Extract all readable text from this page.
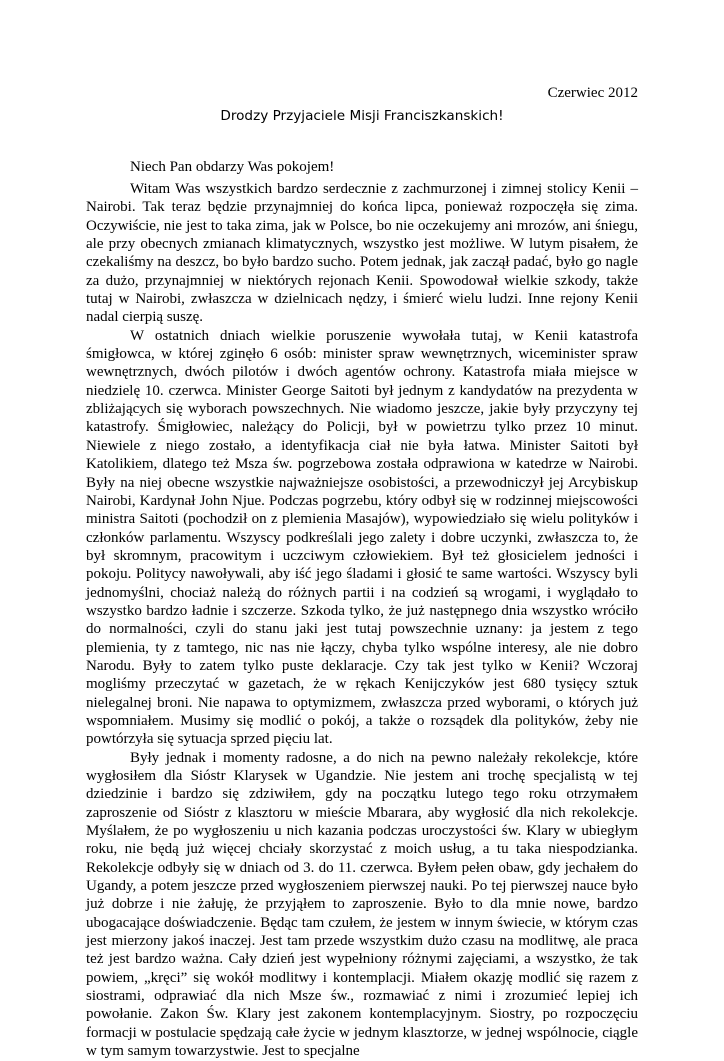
Czerwiec 2012
Drodzy Przyjaciele Misji Franciszkanskich!
Niech Pan obdarzy Was pokojem!

Witam Was wszystkich bardzo serdecznie z zachmurzonej i zimnej stolicy Kenii – Nairobi. Tak teraz będzie przynajmniej do końca lipca, ponieważ rozpoczęła się zima. Oczywiście, nie jest to taka zima, jak w Polsce, bo nie oczekujemy ani mrozów, ani śniegu, ale przy obecnych zmianach klimatycznych, wszystko jest możliwe. W lutym pisałem, że czekaliśmy na deszcz, bo było bardzo sucho. Potem jednak, jak zaczął padać, było go nagle za dużo, przynajmniej w niektórych rejonach Kenii. Spowodował wielkie szkody, także tutaj w Nairobi, zwłaszcza w dzielnicach nędzy, i śmierć wielu ludzi. Inne rejony Kenii nadal cierpią suszę.

W ostatnich dniach wielkie poruszenie wywołała tutaj, w Kenii katastrofa śmigłowca, w której zginęło 6 osób: minister spraw wewnętrznych, wiceminister spraw wewnętrznych, dwóch pilotów i dwóch agentów ochrony. Katastrofa miała miejsce w niedzielę 10. czerwca. Minister George Saitoti był jednym z kandydatów na prezydenta w zbliżających się wyborach powszechnych. Nie wiadomo jeszcze, jakie były przyczyny tej katastrofy. Śmigłowiec, należący do Policji, był w powietrzu tylko przez 10 minut. Niewiele z niego zostało, a identyfikacja ciał nie była łatwa. Minister Saitoti był Katolikiem, dlatego też Msza św. pogrzebowa została odprawiona w katedrze w Nairobi. Były na niej obecne wszystkie najważniejsze osobistości, a przewodniczył jej Arcybiskup Nairobi, Kardynał John Njue. Podczas pogrzebu, który odbył się w rodzinnej miejscowości ministra Saitoti (pochodził on z plemienia Masajów), wypowiedziało się wielu polityków i członków parlamentu. Wszyscy podkreślali jego zalety i dobre uczynki, zwłaszcza to, że był skromnym, pracowitym i uczciwym człowiekiem. Był też głosicielem jedności i pokoju. Politycy nawoływali, aby iść jego śladami i głosić te same wartości. Wszyscy byli jednomyślni, chociaż należą do różnych partii i na codzień są wrogami, i wyglądało to wszystko bardzo ładnie i szczerze. Szkoda tylko, że już następnego dnia wszystko wróciło do normalności, czyli do stanu jaki jest tutaj powszechnie uznany: ja jestem z tego plemienia, ty z tamtego, nic nas nie łączy, chyba tylko wspólne interesy, ale nie dobro Narodu. Były to zatem tylko puste deklaracje. Czy tak jest tylko w Kenii? Wczoraj mogliśmy przeczytać w gazetach, że w rękach Kenijczyków jest 680 tysięcy sztuk nielegalnej broni. Nie napawa to optymizmem, zwłaszcza przed wyborami, o których już wspomniałem. Musimy się modlić o pokój, a także o rozsądek dla polityków, żeby nie powtórzyła się sytuacja sprzed pięciu lat.

Były jednak i momenty radosne, a do nich na pewno należały rekolekcje, które wygłosiłem dla Sióstr Klarysek w Ugandzie. Nie jestem ani trochę specjalistą w tej dziedzinie i bardzo się zdziwiłem, gdy na początku lutego tego roku otrzymałem zaproszenie od Sióstr z klasztoru w mieście Mbarara, aby wygłosić dla nich rekolekcje. Myślałem, że po wygłoszeniu u nich kazania podczas uroczystości św. Klary w ubiegłym roku, nie będą już więcej chciały skorzystać z moich usług, a tu taka niespodzianka. Rekolekcje odbyły się w dniach od 3. do 11. czerwca. Byłem pełen obaw, gdy jechałem do Ugandy, a potem jeszcze przed wygłoszeniem pierwszej nauki. Po tej pierwszej nauce było już dobrze i nie żałuję, że przyjąłem to zaproszenie. Było to dla mnie nowe, bardzo ubogacające doświadczenie. Będąc tam czułem, że jestem w innym świecie, w którym czas jest mierzony jakoś inaczej. Jest tam przede wszystkim dużo czasu na modlitwę, ale praca też jest bardzo ważna. Cały dzień jest wypełniony różnymi zajęciami, a wszystko, że tak powiem, „kręci” się wokół modlitwy i kontemplacji. Miałem okazję modlić się razem z siostrami, odprawiać dla nich Msze św., rozmawiać z nimi i zrozumieć lepiej ich powołanie. Zakon Św. Klary jest zakonem kontemplacyjnym. Siostry, po rozpoczęciu formacji w postulacie spędzają całe życie w jednym klasztorze, w jednej wspólnocie, ciągle w tym samym towarzystwie. Jest to specjalne
